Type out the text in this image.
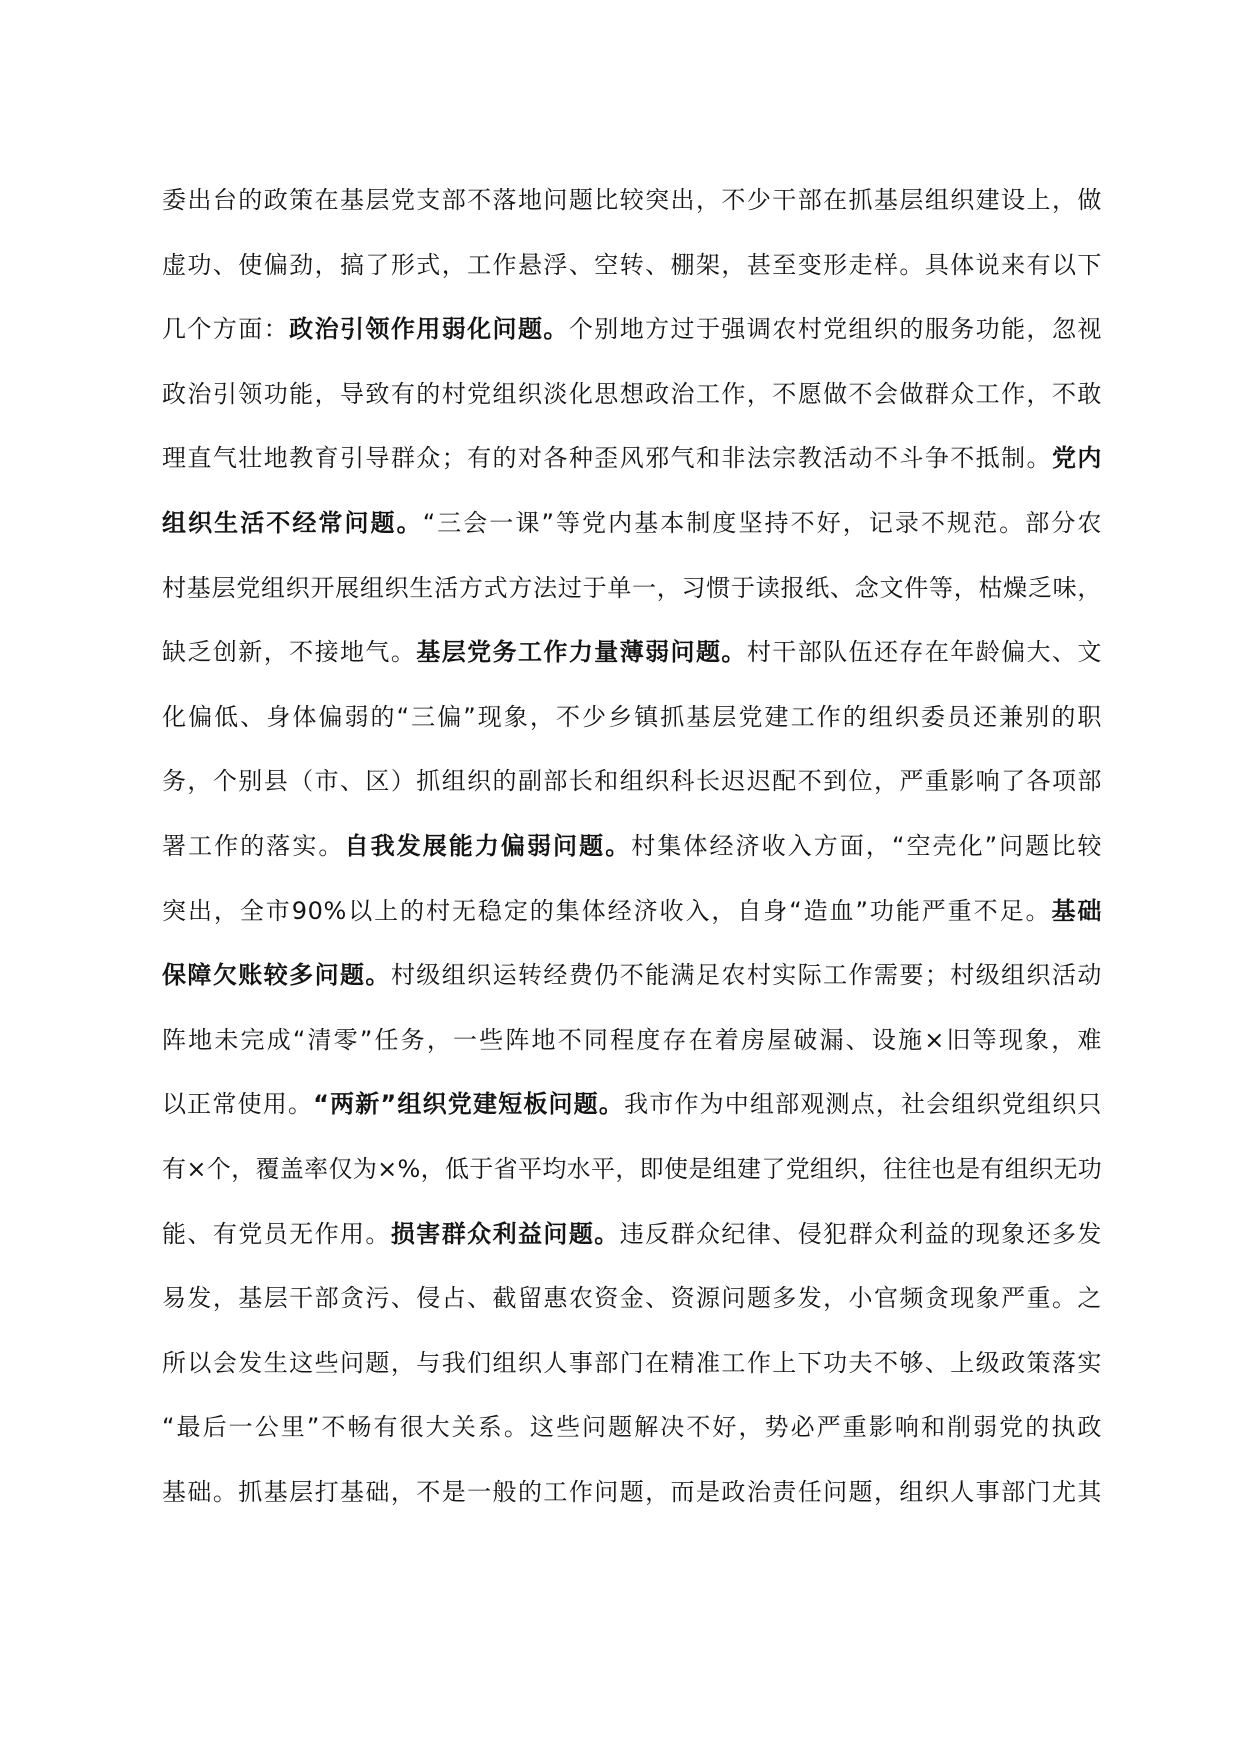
委出台的政策在基层党支部不落地问题比较突出，不少干部在抓基层组织建设上，做
虚功、使偏劲，搞了形式，工作悬浮、空转、棚架，甚至变形走样。具体说来有以下
几个方面：政治引领作用弱化问题。个别地方过于强调农村党组织的服务功能，忽视
政治引领功能，导致有的村党组织淡化思想政治工作，不愿做不会做群众工作，不敢
理直气壮地教育引导群众；有的对各种歪风邪气和非法宗教活动不斗争不抵制。党内
组织生活不经常问题。“三会一课”等党内基本制度坚持不好，记录不规范。部分农
村基层党组织开展组织生活方式方法过于单一，习惯于读报纸、念文件等，枯燥乏味，
缺乏创新，不接地气。基层党务工作力量薄弱问题。村干部队伍还存在年龄偏大、文
化偏低、身体偏弱的“三偏”现象，不少乡镇抓基层党建工作的组织委员还兼别的职
务，个别县（市、区）抓组织的副部长和组织科长迟迟配不到位，严重影响了各项部
署工作的落实。自我发展能力偏弱问题。村集体经济收入方面，“空壳化”问题比较
突出，全市90%以上的村无稳定的集体经济收入，自身“造血”功能严重不足。基础
保障欠账较多问题。村级组织运转经费仍不能满足农村实际工作需要；村级组织活动
阵地未完成“清零”任务，一些阵地不同程度存在着房屋破漏、设施×旧等现象，难
以正常使用。“两新”组织党建短板问题。我市作为中组部观测点，社会组织党组织只
有×个，覆盖率仅为×%，低于省平均水平，即使是组建了党组织，往往也是有组织无功
能、有党员无作用。损害群众利益问题。违反群众纪律、侵犯群众利益的现象还多发
易发，基层干部贪污、侵占、截留惠农资金、资源问题多发，小官频贪现象严重。之
所以会发生这些问题，与我们组织人事部门在精准工作上下功夫不够、上级政策落实
“最后一公里”不畅有很大关系。这些问题解决不好，势必严重影响和削弱党的执政
基础。抓基层打基础，不是一般的工作问题，而是政治责任问题，组织人事部门尤其
